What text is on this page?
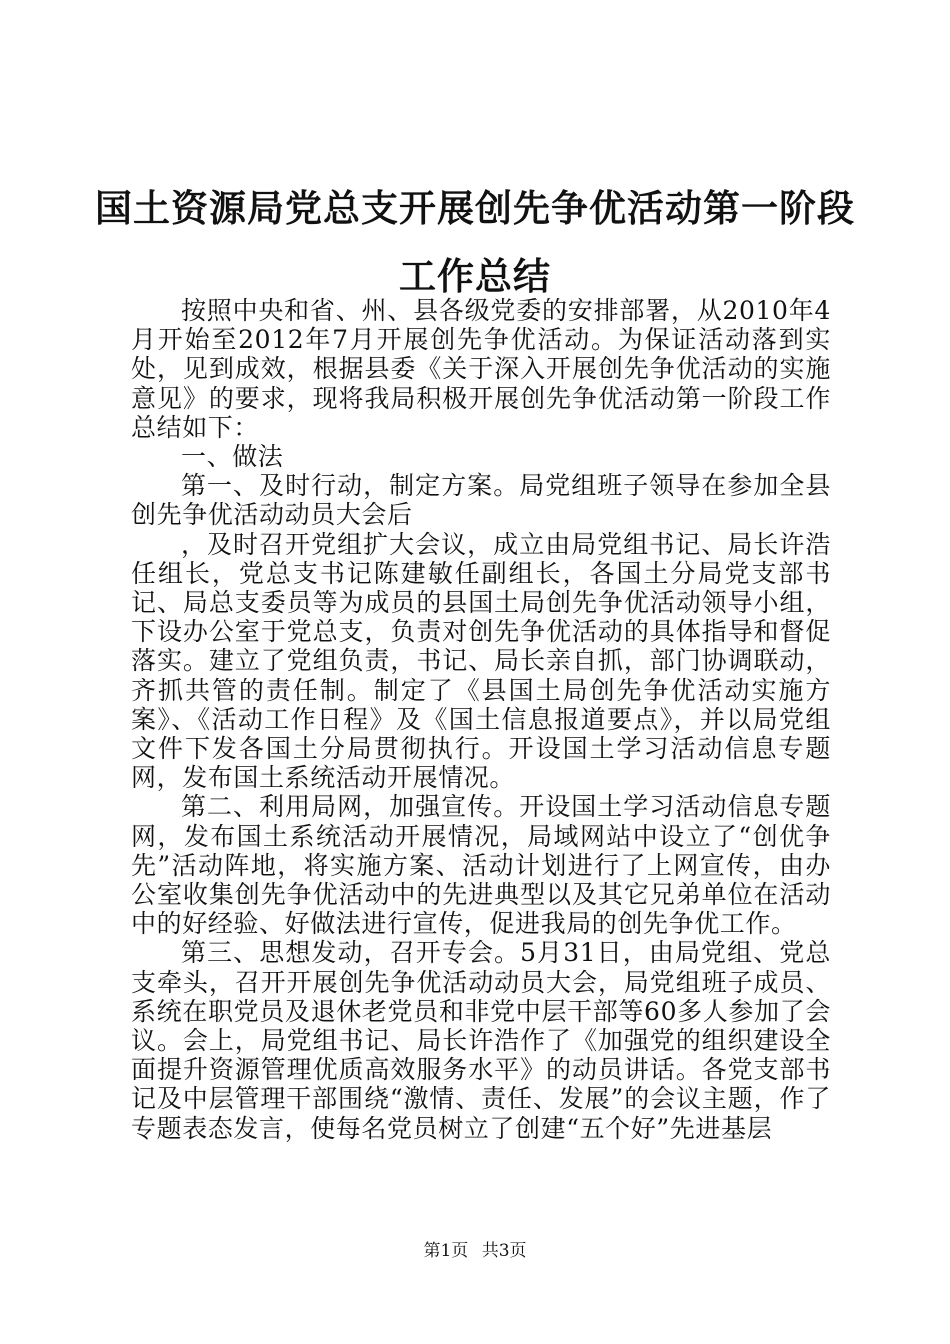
国土资源局党总支开展创先争优活动第一阶段
工作总结

按照中央和省、州、县各级党委的安排部署，从2010年4月开始至2012年7月开展创先争优活动。为保证活动落到实处，见到成效，根据县委《关于深入开展创先争优活动的实施意见》的要求，现将我局积极开展创先争优活动第一阶段工作总结如下：

一、做法

第一、及时行动，制定方案。局党组班子领导在参加全县创先争优活动动员大会后

，及时召开党组扩大会议，成立由局党组书记、局长许浩任组长，党总支书记陈建敏任副组长，各国土分局党支部书记、局总支委员等为成员的县国土局创先争优活动领导小组，下设办公室于党总支，负责对创先争优活动的具体指导和督促落实。建立了党组负责，书记、局长亲自抓，部门协调联动，齐抓共管的责任制。制定了《县国土局创先争优活动实施方案》、《活动工作日程》及《国土信息报道要点》，并以局党组文件下发各国土分局贯彻执行。开设国土学习活动信息专题网，发布国土系统活动开展情况。

第二、利用局网，加强宣传。开设国土学习活动信息专题网，发布国土系统活动开展情况，局域网站中设立了“创优争先”活动阵地，将实施方案、活动计划进行了上网宣传，由办公室收集创先争优活动中的先进典型以及其它兄弟单位在活动中的好经验、好做法进行宣传，促进我局的创先争优工作。

第三、思想发动，召开专会。5月31日，由局党组、党总支牵头，召开开展创先争优活动动员大会，局党组班子成员、系统在职党员及退休老党员和非党中层干部等60多人参加了会议。会上，局党组书记、局长许浩作了《加强党的组织建设全面提升资源管理优质高效服务水平》的动员讲话。各党支部书记及中层管理干部围绕“激情、责任、发展”的会议主题，作了专题表态发言，使每名党员树立了创建“五个好”先进基层

第1页 共3页
